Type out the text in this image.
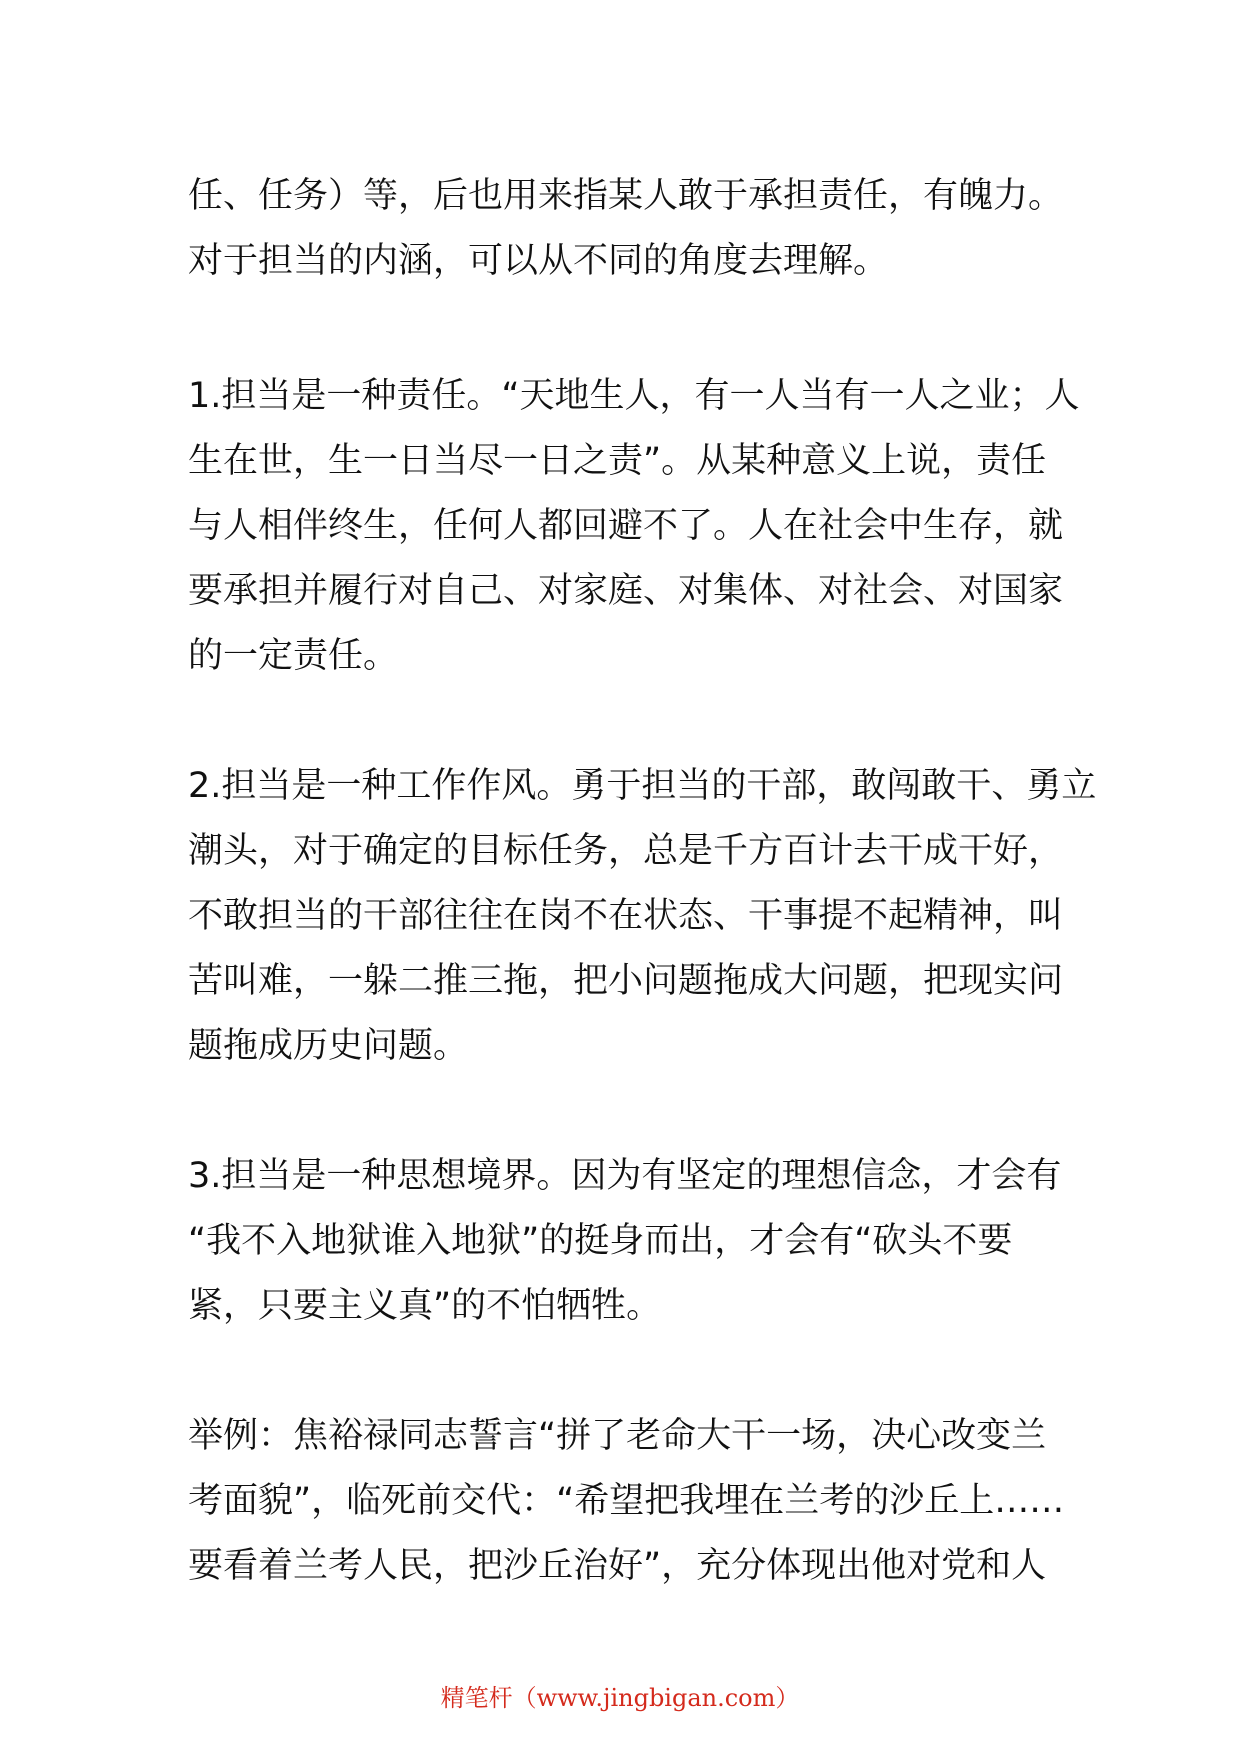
任、任务）等，后也用来指某人敢于承担责任，有魄力。
对于担当的内涵，可以从不同的角度去理解。

1.担当是一种责任。“天地生人，有一人当有一人之业；人
生在世，生一日当尽一日之责”。从某种意义上说，责任
与人相伴终生，任何人都回避不了。人在社会中生存，就
要承担并履行对自己、对家庭、对集体、对社会、对国家
的一定责任。

2.担当是一种工作作风。勇于担当的干部，敢闯敢干、勇立
潮头，对于确定的目标任务，总是千方百计去干成干好，
不敢担当的干部往往在岗不在状态、干事提不起精神，叫
苦叫难，一躲二推三拖，把小问题拖成大问题，把现实问
题拖成历史问题。

3.担当是一种思想境界。因为有坚定的理想信念，才会有
“我不入地狱谁入地狱”的挺身而出，才会有“砍头不要
紧，只要主义真”的不怕牺牲。

举例：焦裕禄同志誓言“拼了老命大干一场，决心改变兰
考面貌”，临死前交代：“希望把我埋在兰考的沙丘上……
要看着兰考人民，把沙丘治好”，充分体现出他对党和人

精笔杆（www.jingbigan.com）
